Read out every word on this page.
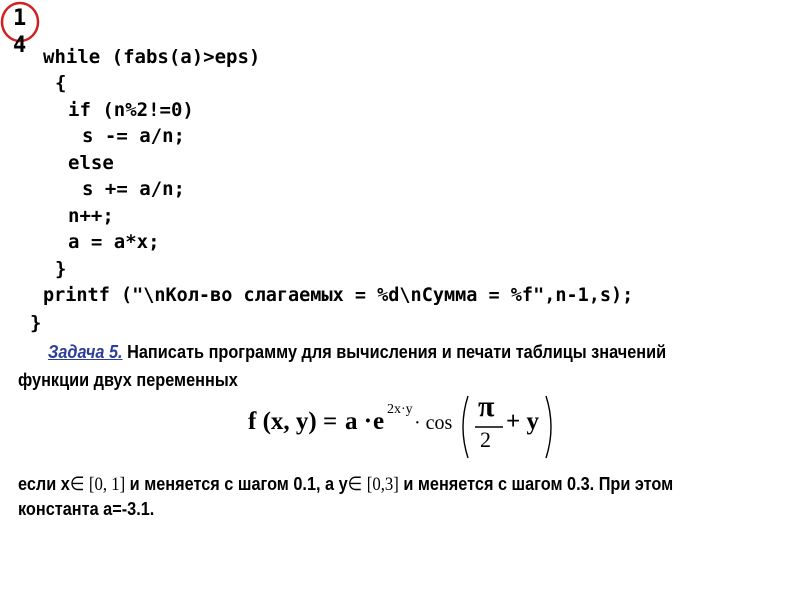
1
4 while (fabs(a)>eps)
{
if (n%2!=0)
s -= a/n;
else
s += a/n;
n++;
a = a*x;
}
printf ("\nКол-во слагаемых = %d\nСумма = %f",n-1,s);
}
Задача 5. Написать программу для вычисления и печати таблицы значений
функции двух переменных
f (x, y) = a · e 2x·y
· cos π
2
+ y
если x∈ [0, 1] и меняется с шагом 0.1, а y∈ [0,3] и меняется с шагом 0.3. При этом
константа a=-3.1.
